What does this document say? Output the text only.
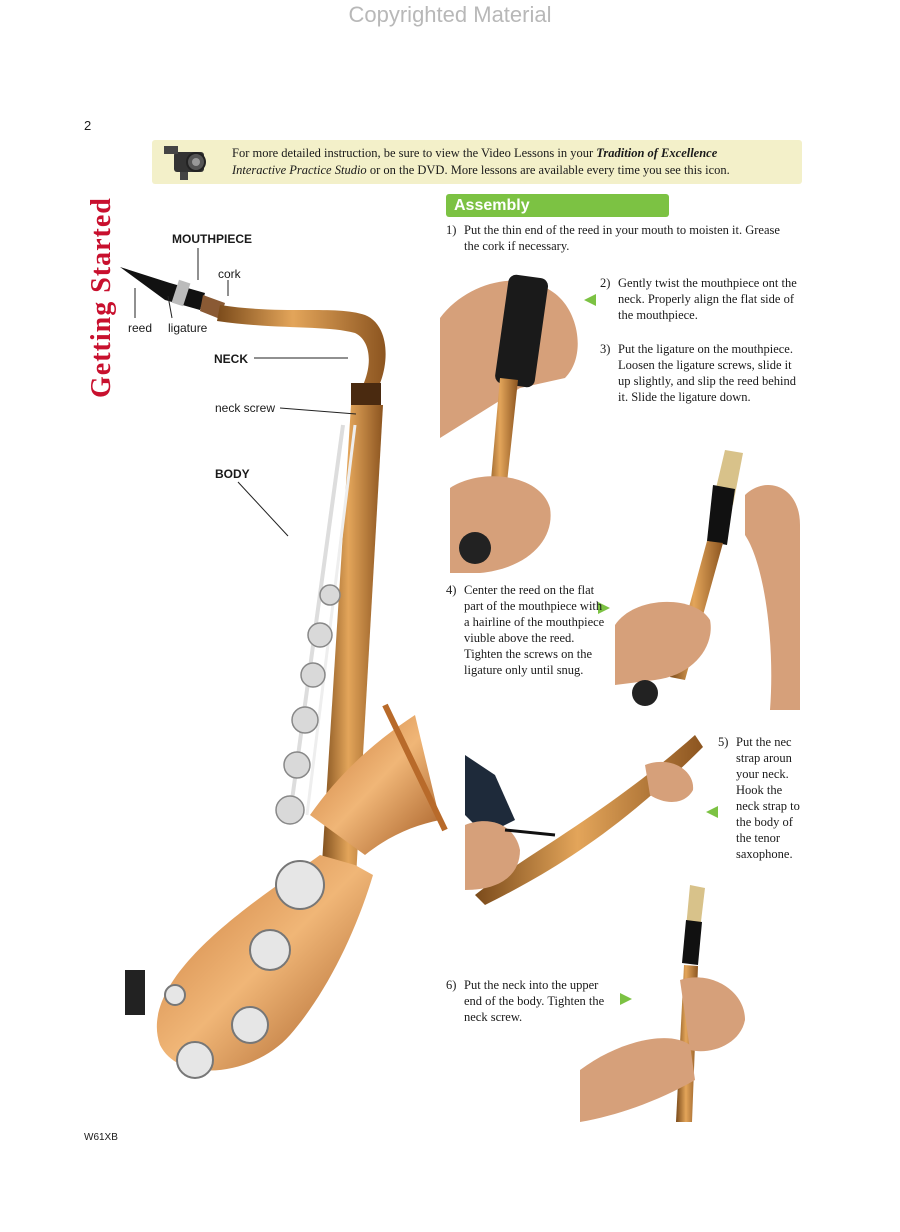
Copyrighted Material
2
Getting Started
For more detailed instruction, be sure to view the Video Lessons in your Tradition of Excellence
Interactive Practice Studio or on the DVD. More lessons are available every time you see this icon.
MOUTHPIECE
cork
reed ligature
NECK
neck screw
BODY
Assembly
1) Put the thin end of the reed in your mouth to moisten it. Grease the cork if necessary.
2) Gently twist the mouthpiece ont the neck. Properly align the flat side of the mouthpiece.
3) Put the ligature on the mouthpiece. Loosen the ligature screws, slide it up slightly, and slip the reed behind it. Slide the ligature down.
4) Center the reed on the flat part of the mouthpiece with a hairline of the mouthpiece viuble above the reed. Tighten the screws on the ligature only until snug.
5) Put the nec strap aroun your neck. Hook the neck strap to the body of the tenor saxophone.
6) Put the neck into the upper end of the body. Tighten the neck screw.
W61XB
